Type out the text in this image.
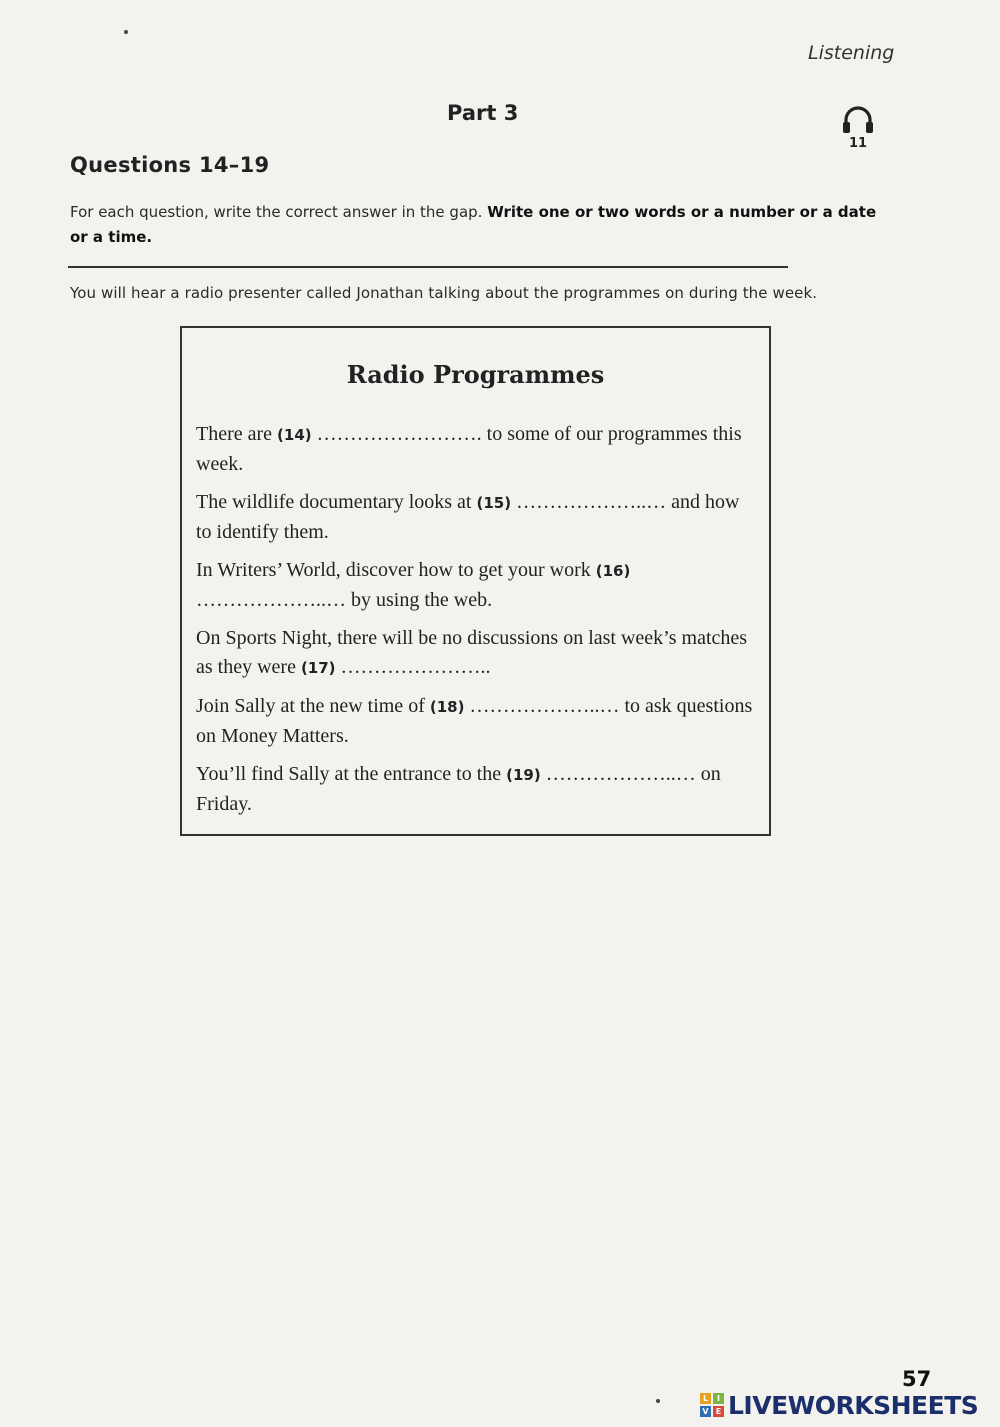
Listening
Part 3
11
Questions 14–19
For each question, write the correct answer in the gap. Write one or two words or a number or a date or a time.
You will hear a radio presenter called Jonathan talking about the programmes on during the week.
Radio Programmes

There are (14) ……………………. to some of our programmes this week.

The wildlife documentary looks at (15) ………………..… and how to identify them.

In Writers’ World, discover how to get your work (16) ………………..… by using the web.

On Sports Night, there will be no discussions on last week’s matches as they were (17) …………………..

Join Sally at the new time of (18) ………………..… to ask questions on Money Matters.

You’ll find Sally at the entrance to the (19) ………………..… on Friday.

57
L	I
V E LIVEWORKSHEETS
